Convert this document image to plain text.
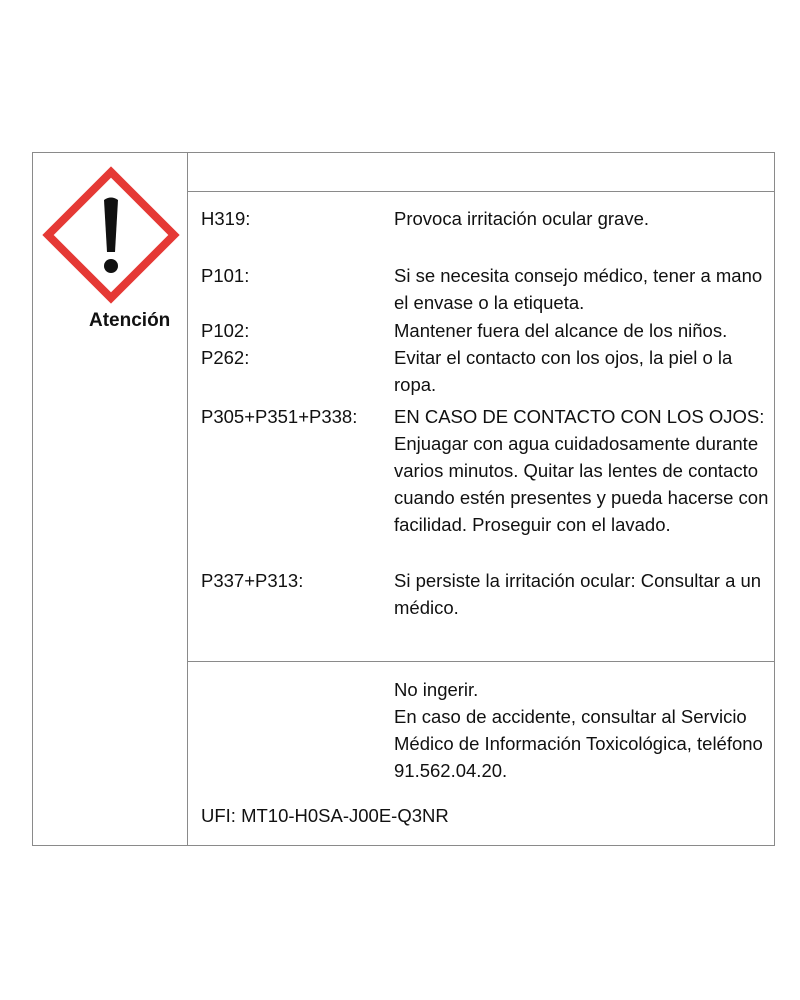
Atención
H319:	Provoca irritación ocular grave.
P101:	Si se necesita consejo médico, tener a mano el envase o la etiqueta.
P102:	Mantener fuera del alcance de los niños.
P262:	Evitar el contacto con los ojos, la piel o la ropa.
P305+P351+P338: EN CASO DE CONTACTO CON LOS OJOS: Enjuagar con agua cuidadosamente durante varios minutos. Quitar las lentes de contacto cuando estén presentes y pueda hacerse con facilidad. Proseguir con el lavado.
P337+P313:	Si persiste la irritación ocular: Consultar a un médico.
No ingerir.
En caso de accidente, consultar al Servicio Médico de Información Toxicológica, teléfono 91.562.04.20.
UFI: MT10-H0SA-J00E-Q3NR
